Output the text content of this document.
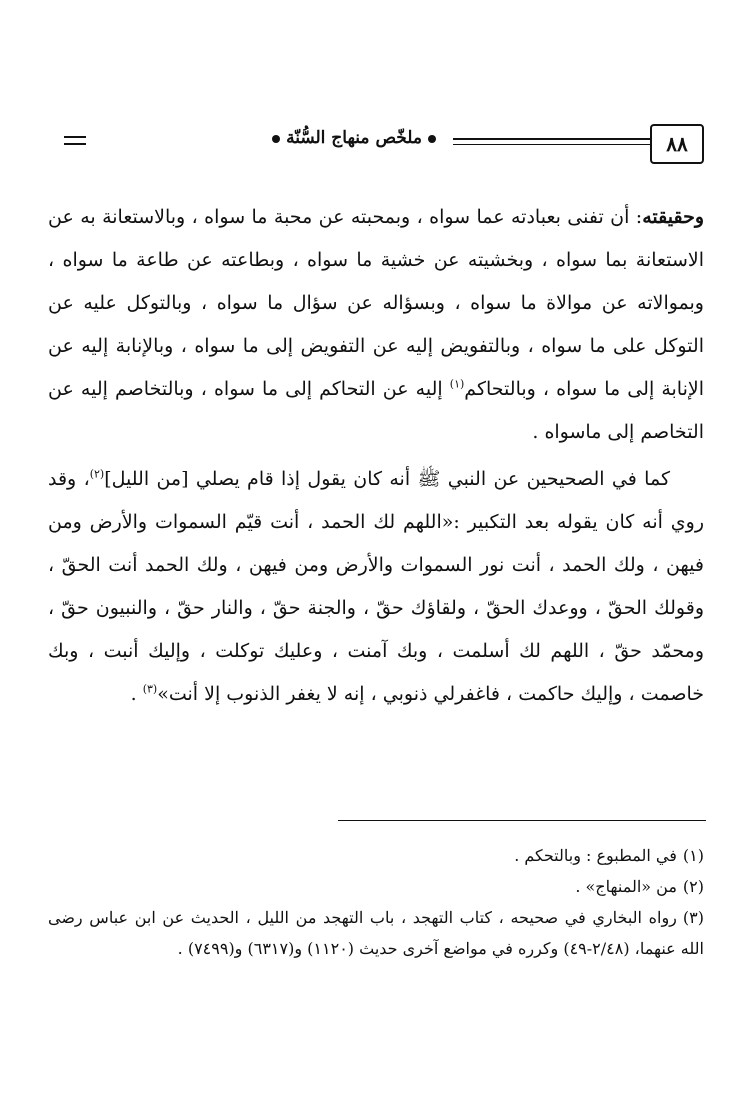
٨٨
ملخّص منهاج السُّنّة

وحقيقته: أن تفنى بعبادته عما سواه ، وبمحبته عن محبة ما سواه ، وبالاستعانة به عن الاستعانة بما سواه ، وبخشيته عن خشية ما سواه ، وبطاعته عن طاعة ما سواه ، وبموالاته عن موالاة ما سواه ، وبسؤاله عن سؤال ما سواه ، وبالتوكل عليه عن التوكل على ما سواه ، وبالتفويض إليه عن التفويض إلى ما سواه ، وبالإنابة إليه عن الإنابة إلى ما سواه ، وبالتحاكم$^{(١)}$ إليه عن التحاكم إلى ما سواه ، وبالتخاصم إليه عن التخاصم إلى ماسواه .

كما في الصحيحين عن النبي ﷺ أنه كان يقول إذا قام يصلي [من الليل]$^{(٢)}$، وقد روي أنه كان يقوله بعد التكبير :«اللهم لك الحمد ، أنت قيّم السموات والأرض ومن فيهن ، ولك الحمد ، أنت نور السموات والأرض ومن فيهن ، ولك الحمد أنت الحقّ ، وقولك الحقّ ، ووعدك الحقّ ، ولقاؤك حقّ ، والجنة حقّ ، والنار حقّ ، والنبيون حقّ ، ومحمّد حقّ ، اللهم لك أسلمت ، وبك آمنت ، وعليك توكلت ، وإليك أنبت ، وبك خاصمت ، وإليك حاكمت ، فاغفرلي ذنوبي ، إنه لا يغفر الذنوب إلا أنت»$^{(٣)}$ .

(١)في المطبوع : وبالتحكم .

(٢)من «المنهاج» .

(٣)رواه البخاري في صحيحه ، كتاب التهجد ، باب التهجد من الليل ، الحديث عن ابن عباس رضى الله عنهما، (٢/٤٨-٤٩) وكرره في مواضع آخرى حديث (١١٢٠) و(٦٣١٧) و(٧٤٩٩) .
